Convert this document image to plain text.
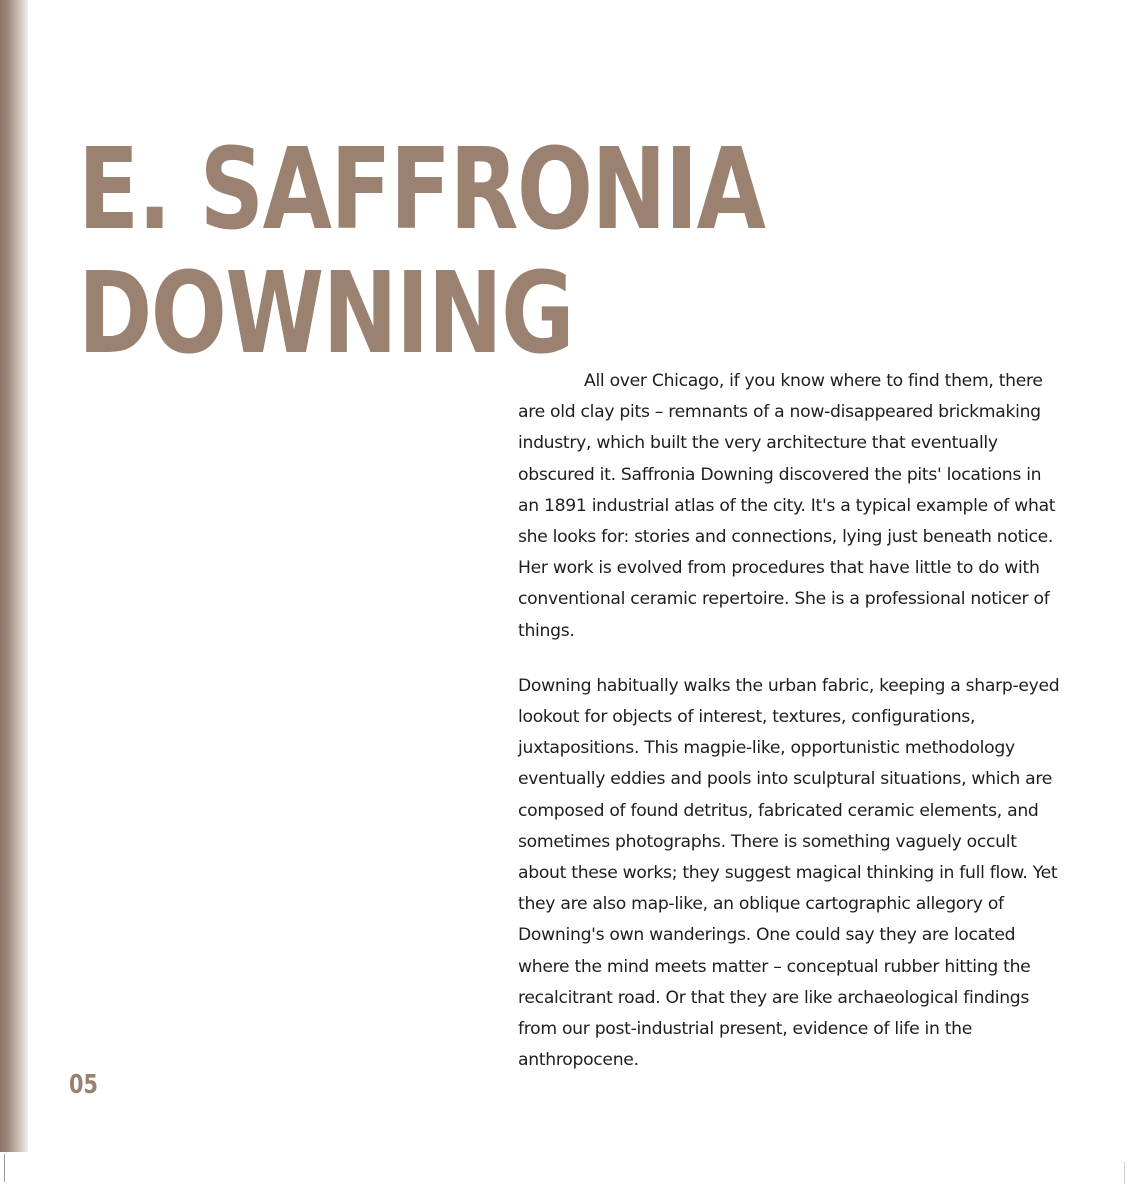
E. SAFFRONIA
DOWNING

All over Chicago, if you know where to find them, there are old clay pits – remnants of a now-disappeared brickmaking industry, which built the very architecture that eventually obscured it. Saffronia Downing discovered the pits' locations in an 1891 industrial atlas of the city. It's a typical example of what she looks for: stories and connections, lying just beneath notice. Her work is evolved from procedures that have little to do with conventional ceramic repertoire. She is a professional noticer of things.

Downing habitually walks the urban fabric, keeping a sharp-eyed lookout for objects of interest, textures, configurations, juxtapositions. This magpie-like, opportunistic methodology eventually eddies and pools into sculptural situations, which are composed of found detritus, fabricated ceramic elements, and sometimes photographs. There is something vaguely occult about these works; they suggest magical thinking in full flow. Yet they are also map-like, an oblique cartographic allegory of Downing's own wanderings. One could say they are located where the mind meets matter – conceptual rubber hitting the recalcitrant road. Or that they are like archaeological findings from our post-industrial present, evidence of life in the anthropocene.

05
